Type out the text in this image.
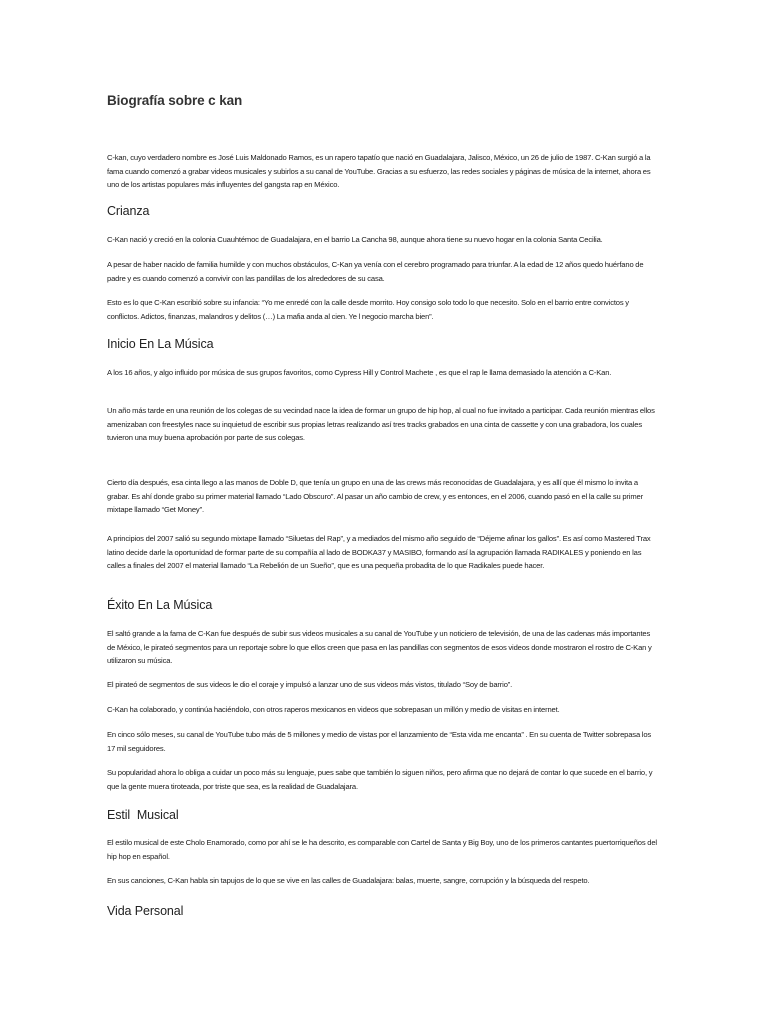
Biografía sobre c kan
C-kan, cuyo verdadero nombre es José Luis Maldonado Ramos, es un rapero tapatío que nació en Guadalajara, Jalisco, México, un 26 de julio de 1987. C-Kan surgió a la fama cuando comenzó a grabar videos musicales y subirlos a su canal de YouTube. Gracias a su esfuerzo, las redes sociales y páginas de música de la internet, ahora es uno de los artistas populares más influyentes del gangsta rap en México.
Crianza
C-Kan nació y creció en la colonia Cuauhtémoc de Guadalajara, en el barrio La Cancha 98, aunque ahora tiene su nuevo hogar en la colonia Santa Cecilia.
A pesar de haber nacido de familia humilde y con muchos obstáculos, C-Kan ya venía con el cerebro programado para triunfar. A la edad de 12 años quedo huérfano de padre y es cuando comenzó a convivir con las pandillas de los alrededores de su casa.
Esto es lo que C-Kan escribió sobre su infancia: “Yo me enredé con la calle desde morrito. Hoy consigo solo todo lo que necesito. Solo en el barrio entre convictos y conflictos. Adictos, finanzas, malandros y delitos (…) La mafia anda al cien. Ye l negocio marcha bien”.
Inicio En La Música
A los 16 años, y algo influido por música de sus grupos favoritos, como Cypress Hill y Control Machete , es que el rap le llama demasiado la atención a C-Kan.
Un año más tarde en una reunión de los colegas de su vecindad nace la idea de formar un grupo de hip hop, al cual no fue invitado a participar. Cada reunión mientras ellos amenizaban con freestyles nace su inquietud de escribir sus propias letras realizando así tres tracks grabados en una cinta de cassette y con una grabadora, los cuales tuvieron una muy buena aprobación por parte de sus colegas.
Cierto día después, esa cinta llego a las manos de Doble D, que tenía un grupo en una de las crews más reconocidas de Guadalajara, y es allí que él mismo lo invita a grabar. Es ahí donde grabo su primer material llamado “Lado Obscuro”. Al pasar un año cambio de crew, y es entonces, en el 2006, cuando pasó en el la calle su primer mixtape llamado “Get Money”.
A principios del 2007 salió su segundo mixtape llamado “Siluetas del Rap”, y a mediados del mismo año seguido de “Déjeme afinar los gallos”. Es así como Mastered Trax latino decide darle la oportunidad de formar parte de su compañía al lado de BODKA37 y MASIBO, formando así la agrupación llamada RADIKALES y poniendo en las calles a finales del 2007 el material llamado “La Rebelión de un Sueño”, que es una pequeña probadita de lo que Radikales puede hacer.
Éxito En La Música
El saltó grande a la fama de C-Kan fue después de subir sus videos musicales a su canal de YouTube y un noticiero de televisión, de una de las cadenas más importantes de México, le pirateó segmentos para un reportaje sobre lo que ellos creen que pasa en las pandillas con segmentos de esos videos donde mostraron el rostro de C-Kan y utilizaron su música.
El pirateó de segmentos de sus videos le dio el coraje y impulsó a lanzar uno de sus videos más vistos, titulado “Soy de barrio”.
C-Kan ha colaborado, y continúa haciéndolo, con otros raperos mexicanos en videos que sobrepasan un millón y medio de visitas en internet.
En cinco sólo meses, su canal de YouTube tubo más de 5 millones y medio de vistas por el lanzamiento de “Esta vida me encanta” . En su cuenta de Twitter sobrepasa los 17 mil seguidores.
Su popularidad ahora lo obliga a cuidar un poco más su lenguaje, pues sabe que también lo siguen niños, pero afirma que no dejará de contar lo que sucede en el barrio, y que la gente muera tiroteada, por triste que sea, es la realidad de Guadalajara.
Estil  Musical
El estilo musical de este Cholo Enamorado, como por ahí se le ha descrito, es comparable con Cartel de Santa y Big Boy, uno de los primeros cantantes puertorriqueños del hip hop en español.
En sus canciones, C-Kan habla sin tapujos de lo que se vive en las calles de Guadalajara: balas, muerte, sangre, corrupción y la búsqueda del respeto.
Vida Personal
